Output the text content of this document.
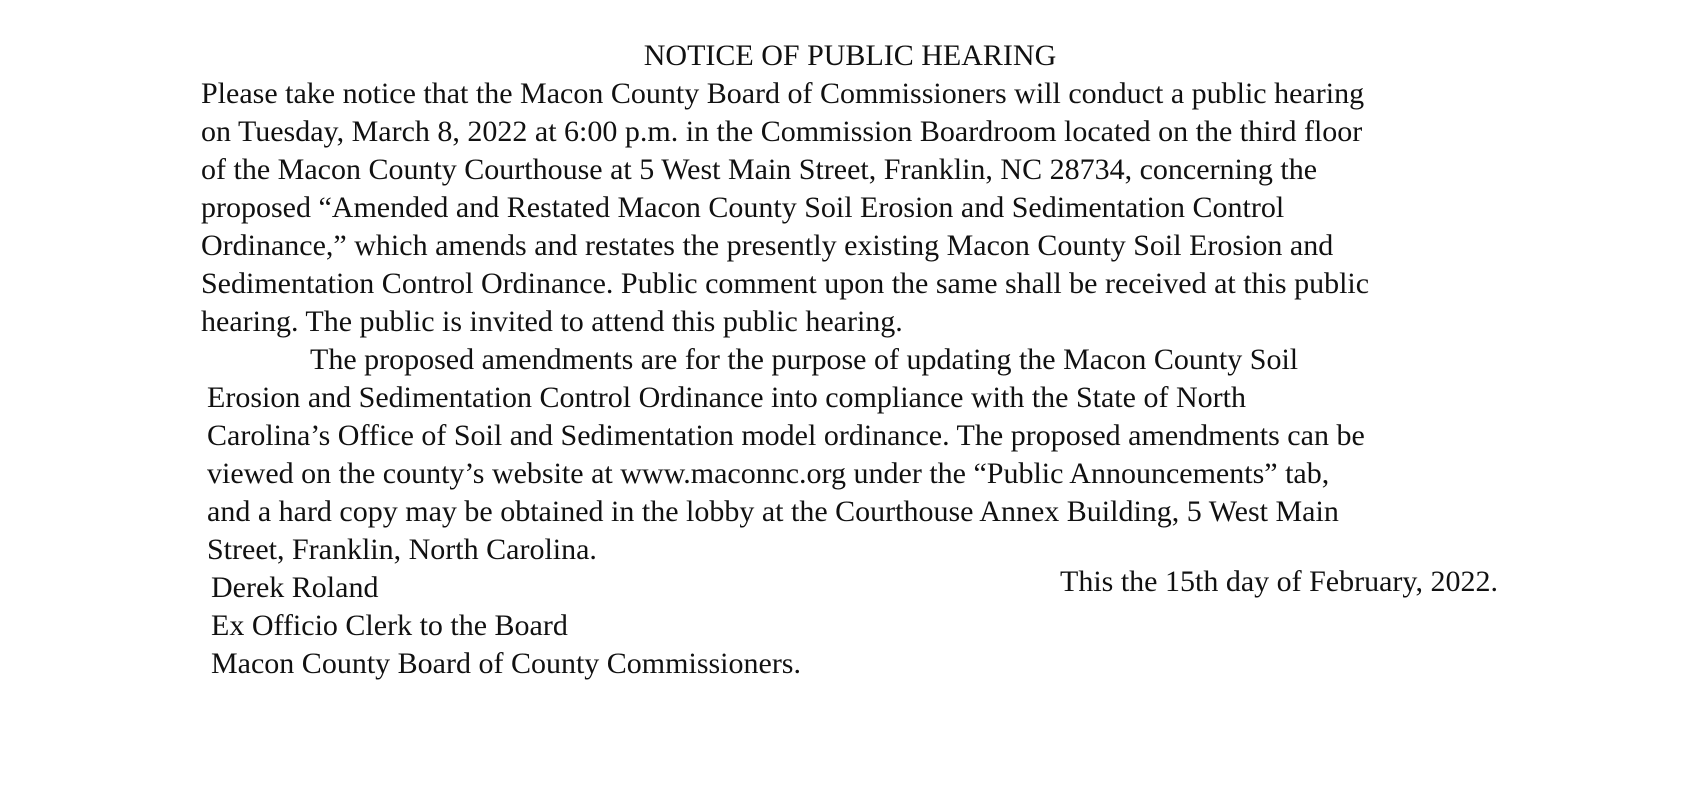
NOTICE OF PUBLIC HEARING
Please take notice that the Macon County Board of Commissioners will conduct a public hearing
on Tuesday, March 8, 2022 at 6:00 p.m. in the Commission Boardroom located on the third floor
of the Macon County Courthouse at 5 West Main Street, Franklin, NC 28734, concerning the
proposed “Amended and Restated Macon County Soil Erosion and Sedimentation Control
Ordinance,” which amends and restates the presently existing Macon County Soil Erosion and
Sedimentation Control Ordinance. Public comment upon the same shall be received at this public
hearing. The public is invited to attend this public hearing.
The proposed amendments are for the purpose of updating the Macon County Soil
Erosion and Sedimentation Control Ordinance into compliance with the State of North
Carolina’s Office of Soil and Sedimentation model ordinance. The proposed amendments can be
viewed on the county’s website at www.maconnc.org under the “Public Announcements” tab,
and a hard copy may be obtained in the lobby at the Courthouse Annex Building, 5 West Main
Street, Franklin, North Carolina.
Derek Roland
Ex Officio Clerk to the Board
Macon County Board of County Commissioners.
This the 15th day of February, 2022.
